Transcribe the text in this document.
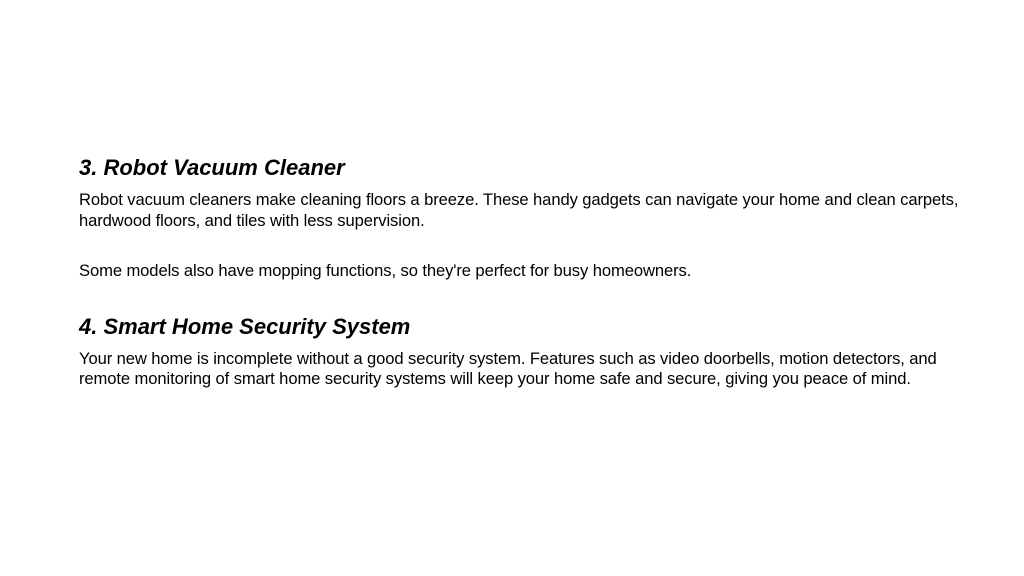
3. Robot Vacuum Cleaner

Robot vacuum cleaners make cleaning floors a breeze. These handy gadgets can navigate your home and clean carpets, hardwood floors, and tiles with less supervision.

Some models also have mopping functions, so they're perfect for busy homeowners.

4. Smart Home Security System

Your new home is incomplete without a good security system. Features such as video doorbells, motion detectors, and remote monitoring of smart home security systems will keep your home safe and secure, giving you peace of mind.
